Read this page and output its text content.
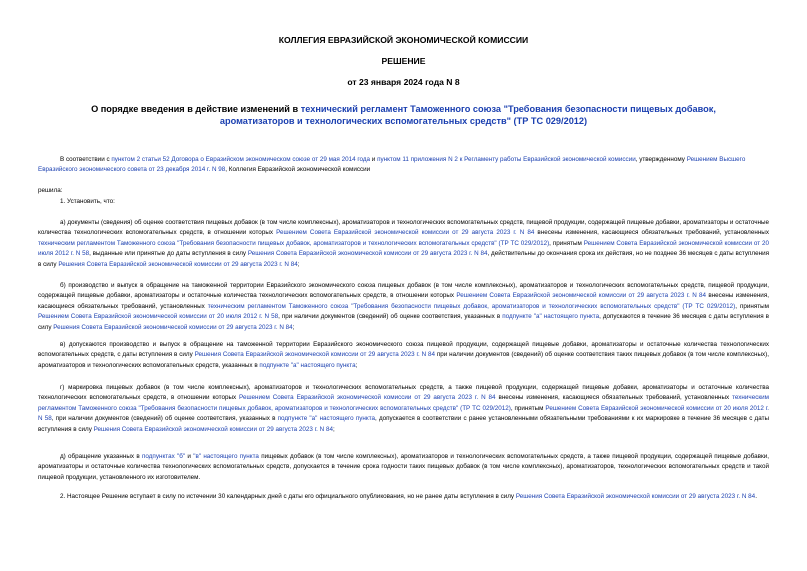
КОЛЛЕГИЯ ЕВРАЗИЙСКОЙ ЭКОНОМИЧЕСКОЙ КОМИССИИ
РЕШЕНИЕ
от 23 января 2024 года N 8
О порядке введения в действие изменений в технический регламент Таможенного союза "Требования безопасности пищевых добавок, ароматизаторов и технологических вспомогательных средств" (ТР ТС 029/2012)
В соответствии с пунктом 2 статьи 52 Договора о Евразийском экономическом союзе от 29 мая 2014 года и пунктом 11 приложения N 2 к Регламенту работы Евразийской экономической комиссии, утвержденному Решением Высшего Евразийского экономического совета от 23 декабря 2014 г. N 98, Коллегия Евразийской экономической комиссии
решила:
1. Установить, что:
а) документы (сведения) об оценке соответствия пищевых добавок (в том числе комплексных), ароматизаторов и технологических вспомогательных средств, пищевой продукции, содержащей пищевые добавки, ароматизаторы и остаточные количества технологических вспомогательных средств, в отношении которых Решением Совета Евразийской экономической комиссии от 29 августа 2023 г. N 84 внесены изменения, касающиеся обязательных требований, установленных техническим регламентом Таможенного союза "Требования безопасности пищевых добавок, ароматизаторов и технологических вспомогательных средств" (ТР ТС 029/2012), принятым Решением Совета Евразийской экономической комиссии от 20 июля 2012 г. N 58, выданные или принятые до даты вступления в силу Решения Совета Евразийской экономической комиссии от 29 августа 2023 г. N 84, действительны до окончания срока их действия, но не позднее 36 месяцев с даты вступления в силу Решения Совета Евразийской экономической комиссии от 29 августа 2023 г. N 84;
б) производство и выпуск в обращение на таможенной территории Евразийского экономического союза пищевых добавок (в том числе комплексных), ароматизаторов и технологических вспомогательных средств, пищевой продукции, содержащей пищевые добавки, ароматизаторы и остаточные количества технологических вспомогательных средств, в отношении которых Решением Совета Евразийской экономической комиссии от 29 августа 2023 г. N 84 внесены изменения, касающиеся обязательных требований, установленных техническим регламентом Таможенного союза "Требования безопасности пищевых добавок, ароматизаторов и технологических вспомогательных средств" (ТР ТС 029/2012), принятым Решением Совета Евразийской экономической комиссии от 20 июля 2012 г. N 58, при наличии документов (сведений) об оценке соответствия, указанных в подпункте "а" настоящего пункта, допускаются в течение 36 месяцев с даты вступления в силу Решения Совета Евразийской экономической комиссии от 29 августа 2023 г. N 84;
в) допускаются производство и выпуск в обращение на таможенной территории Евразийского экономического союза пищевой продукции, содержащей пищевые добавки, ароматизаторы и остаточные количества технологических вспомогательных средств, с даты вступления в силу Решения Совета Евразийской экономической комиссии от 29 августа 2023 г. N 84 при наличии документов (сведений) об оценке соответствия таких пищевых добавок (в том числе комплексных), ароматизаторов и технологических вспомогательных средств, указанных в подпункте "а" настоящего пункта;
г) маркировка пищевых добавок (в том числе комплексных), ароматизаторов и технологических вспомогательных средств, а также пищевой продукции, содержащей пищевые добавки, ароматизаторы и остаточные количества технологических вспомогательных средств, в отношении которых Решением Совета Евразийской экономической комиссии от 29 августа 2023 г. N 84 внесены изменения, касающиеся обязательных требований, установленных техническим регламентом Таможенного союза "Требования безопасности пищевых добавок, ароматизаторов и технологических вспомогательных средств" (ТР ТС 029/2012), принятым Решением Совета Евразийской экономической комиссии от 20 июля 2012 г. N 58, при наличии документов (сведений) об оценке соответствия, указанных в подпункте "а" настоящего пункта, допускается в соответствии с ранее установленными обязательными требованиями к их маркировке в течение 36 месяцев с даты вступления в силу Решения Совета Евразийской экономической комиссии от 29 августа 2023 г. N 84;
д) обращение указанных в подпунктах "б" и "в" настоящего пункта пищевых добавок (в том числе комплексных), ароматизаторов и технологических вспомогательных средств, а также пищевой продукции, содержащей пищевые добавки, ароматизаторы и остаточные количества технологических вспомогательных средств, допускается в течение срока годности таких пищевых добавок (в том числе комплексных), ароматизаторов, технологических вспомогательных средств и такой пищевой продукции, установленного их изготовителем.
2. Настоящее Решение вступает в силу по истечении 30 календарных дней с даты его официального опубликования, но не ранее даты вступления в силу Решения Совета Евразийской экономической комиссии от 29 августа 2023 г. N 84.
